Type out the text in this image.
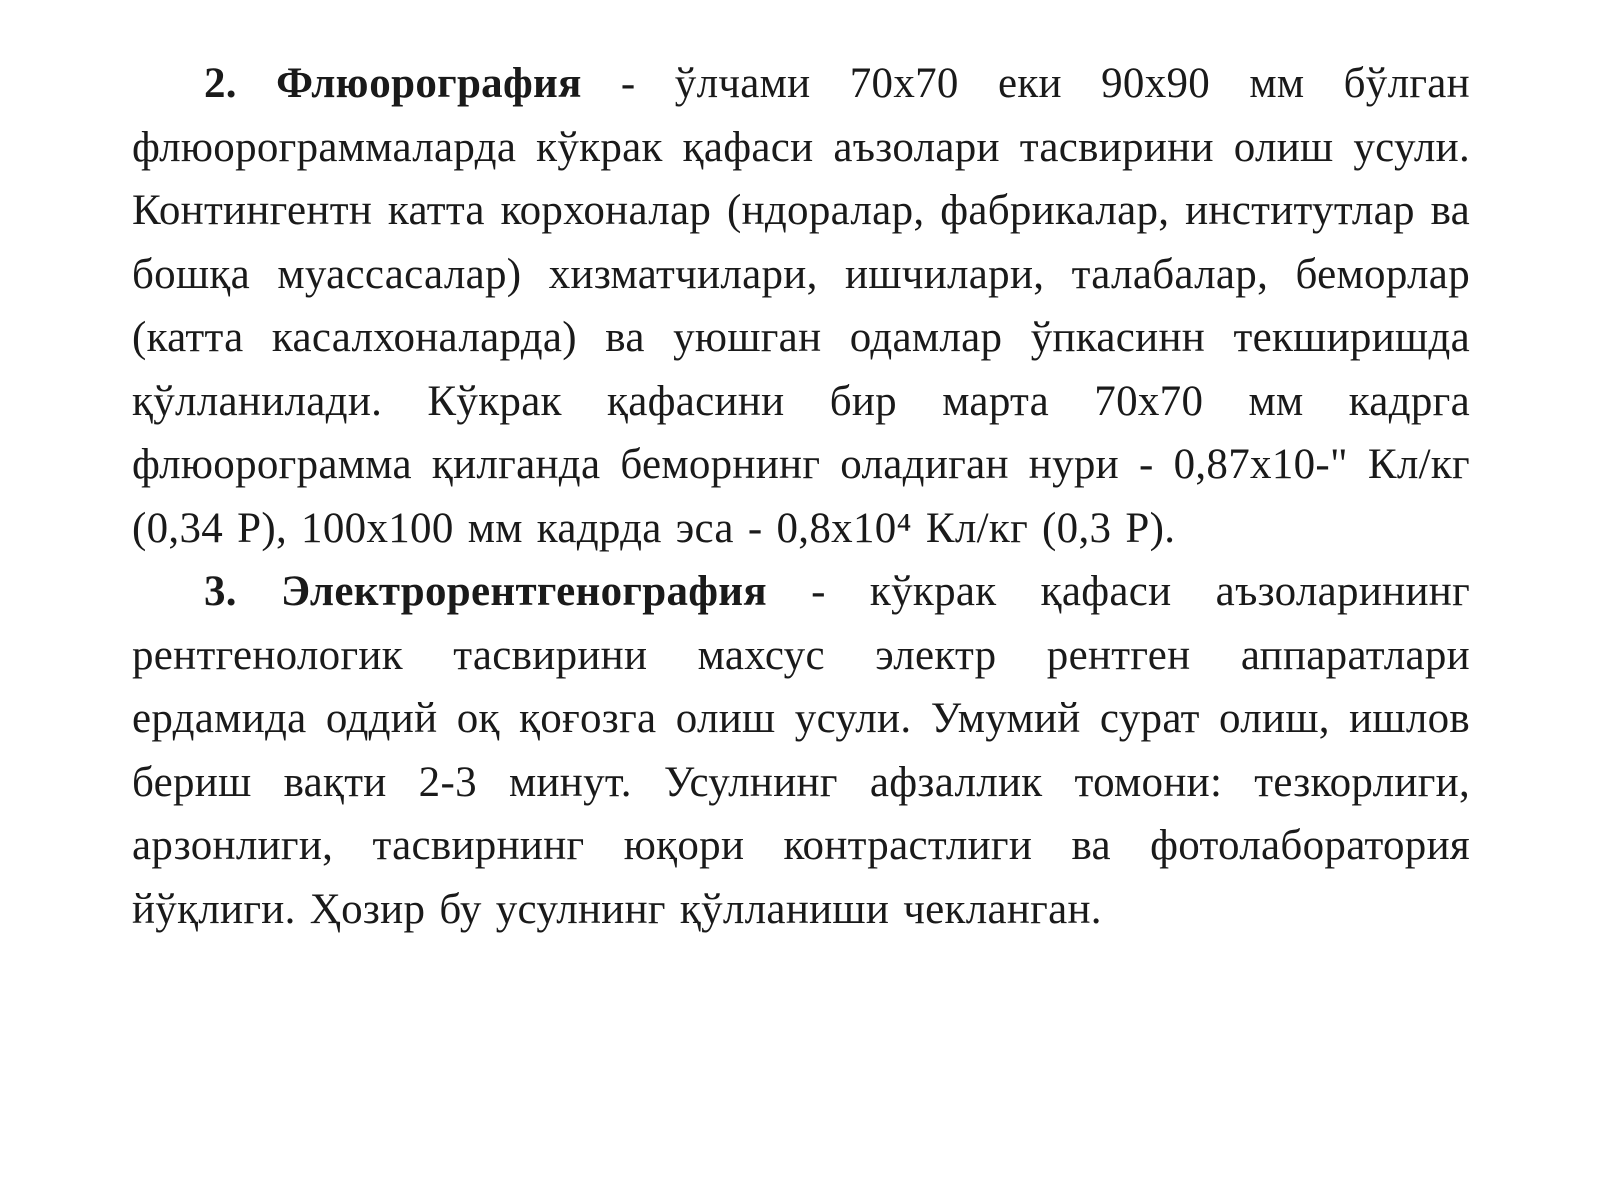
2. Флюорография - ўлчами 70x70 еки 90x90 мм бўлган флюорограммаларда кўкрак қафаси аъзолари тасвирини олиш усули. Контингентн катта корхоналар (ндоралар, фабрикалар, институтлар ва бошқа муассасалар) хизматчилари, ишчилари, талабалар, беморлар (катта касалхоналарда) ва уюшган одамлар ўпкасинн текширишда қўлланилади. Кўкрак қафасини бир марта 70x70 мм кадрга флюорограмма қилганда беморнинг оладиган нури - 0,87x10-" Кл/кг (0,34 Р), 100x100 мм кадрда эса - 0,8x10⁴ Кл/кг (0,3 Р).

3. Электрорентгенография - кўкрак қафаси аъзоларининг рентгенологик тасвирини махсус электр рентген аппаратлари ердамида оддий оқ қоғозга олиш усули. Умумий сурат олиш, ишлов бериш вақти 2-3 минут. Усулнинг афзаллик томони: тезкорлиги, арзонлиги, тасвирнинг юқори контрастлиги ва фотолаборатория йўқлиги. Ҳозир бу усулнинг қўлланиши чекланган.
